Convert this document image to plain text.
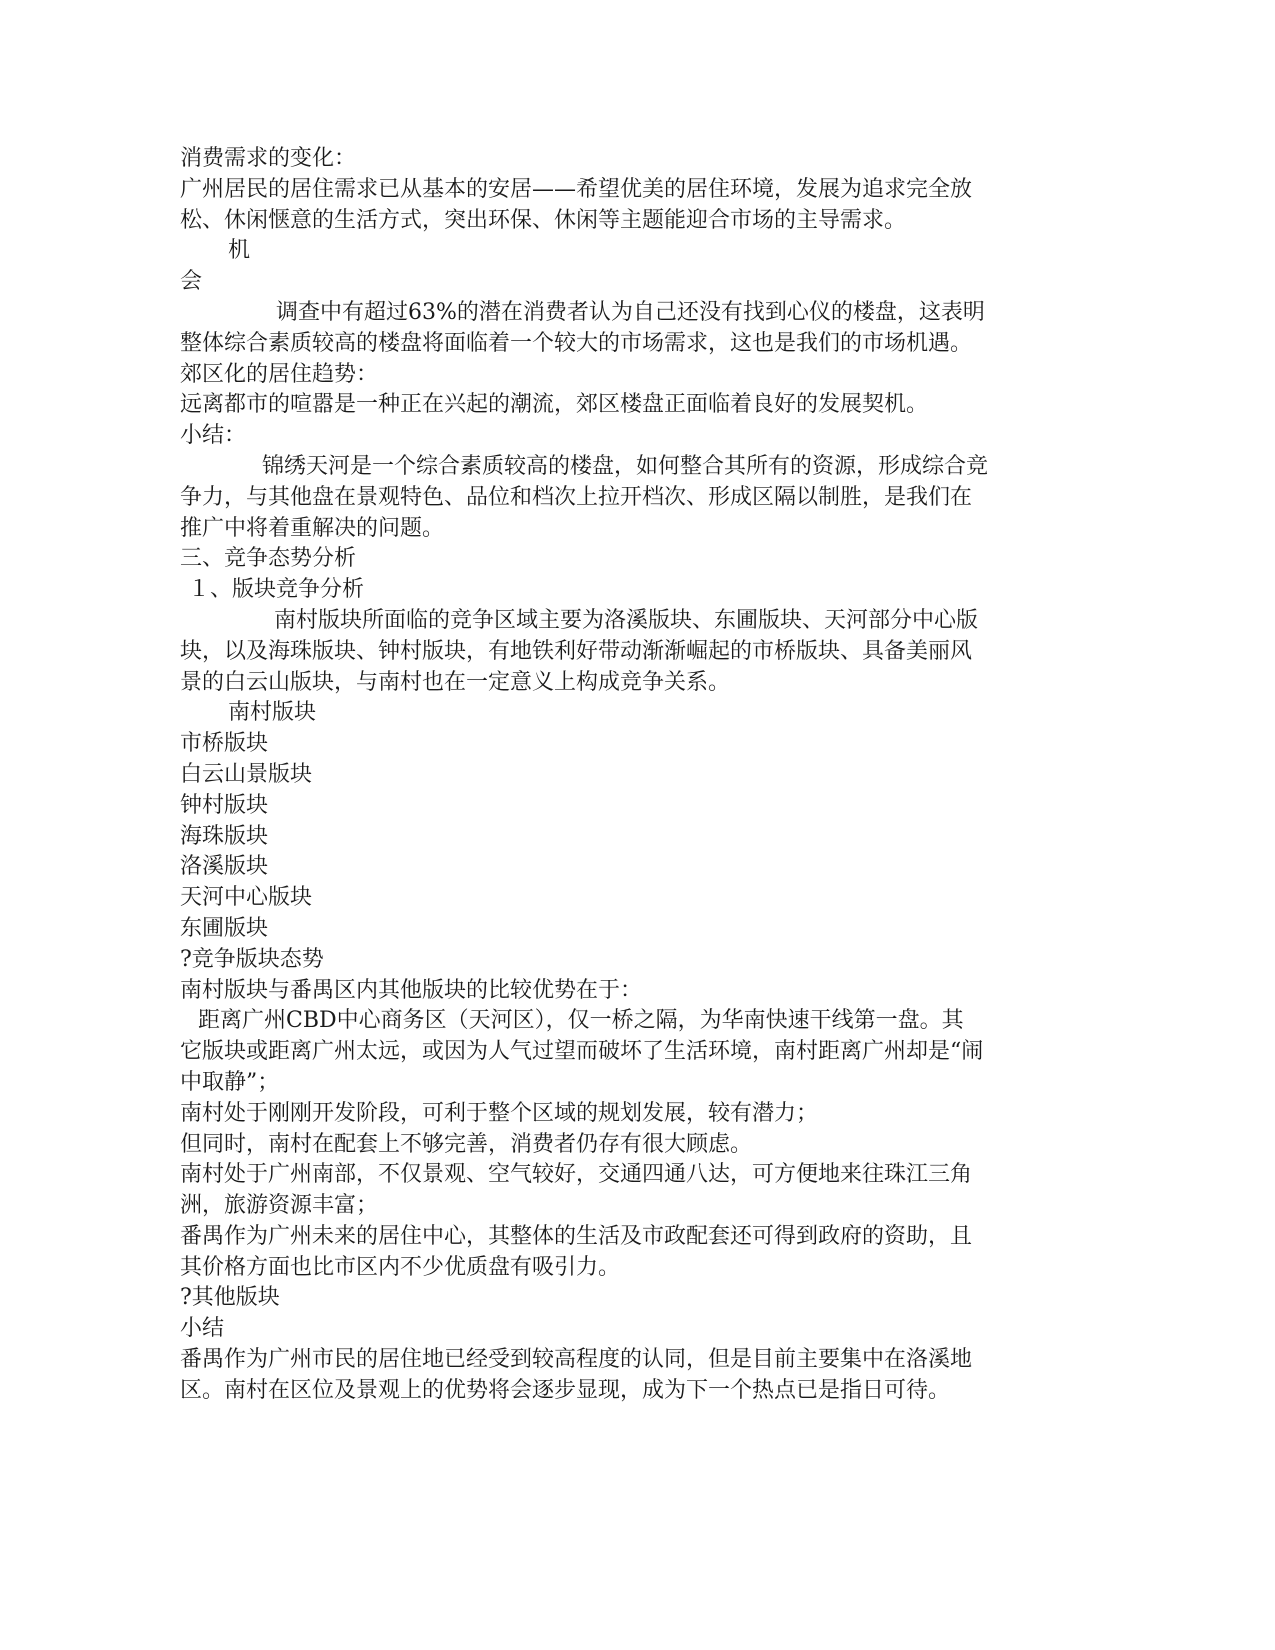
消费需求的变化：
广州居民的居住需求已从基本的安居——希望优美的居住环境，发展为追求完全放
松、休闲惬意的生活方式，突出环保、休闲等主题能迎合市场的主导需求。
机
会
调查中有超过63%的潜在消费者认为自己还没有找到心仪的楼盘，这表明
整体综合素质较高的楼盘将面临着一个较大的市场需求，这也是我们的市场机遇。
郊区化的居住趋势：
远离都市的喧嚣是一种正在兴起的潮流，郊区楼盘正面临着良好的发展契机。
小结：
锦绣天河是一个综合素质较高的楼盘，如何整合其所有的资源，形成综合竞
争力，与其他盘在景观特色、品位和档次上拉开档次、形成区隔以制胜，是我们在
推广中将着重解决的问题。
三、竞争态势分析
１、版块竞争分析
南村版块所面临的竞争区域主要为洛溪版块、东圃版块、天河部分中心版
块，以及海珠版块、钟村版块，有地铁利好带动渐渐崛起的市桥版块、具备美丽风
景的白云山版块，与南村也在一定意义上构成竞争关系。
南村版块
市桥版块
白云山景版块
钟村版块
海珠版块
洛溪版块
天河中心版块
东圃版块
?竞争版块态势
南村版块与番禺区内其他版块的比较优势在于：
距离广州CBD中心商务区（天河区），仅一桥之隔，为华南快速干线第一盘。其
它版块或距离广州太远，或因为人气过望而破坏了生活环境，南村距离广州却是“闹
中取静”；
南村处于刚刚开发阶段，可利于整个区域的规划发展，较有潜力；
但同时，南村在配套上不够完善，消费者仍存有很大顾虑。
南村处于广州南部，不仅景观、空气较好，交通四通八达，可方便地来往珠江三角
洲，旅游资源丰富；
番禺作为广州未来的居住中心，其整体的生活及市政配套还可得到政府的资助，且
其价格方面也比市区内不少优质盘有吸引力。
?其他版块
小结
番禺作为广州市民的居住地已经受到较高程度的认同，但是目前主要集中在洛溪地
区。南村在区位及景观上的优势将会逐步显现，成为下一个热点已是指日可待。
